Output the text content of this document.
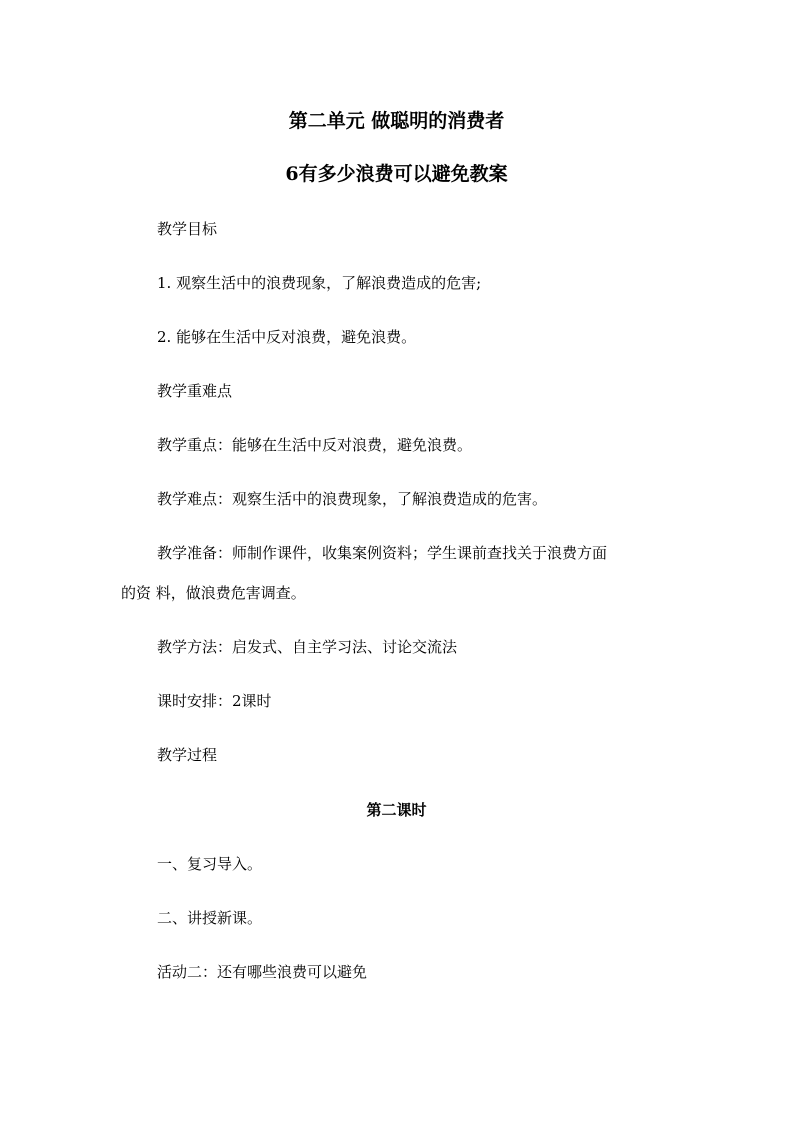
第二单元 做聪明的消费者
6有多少浪费可以避免教案
教学目标
1. 观察生活中的浪费现象，了解浪费造成的危害;
2. 能够在生活中反对浪费，避免浪费。
教学重难点
教学重点：能够在生活中反对浪费，避免浪费。
教学难点：观察生活中的浪费现象，了解浪费造成的危害。
教学准备：师制作课件，收集案例资料；学生课前查找关于浪费方面
的资 料，做浪费危害调查。
教学方法：启发式、自主学习法、讨论交流法
课时安排：2课时
教学过程
第二课时
一、复习导入。
二、讲授新课。
活动二：还有哪些浪费可以避免
